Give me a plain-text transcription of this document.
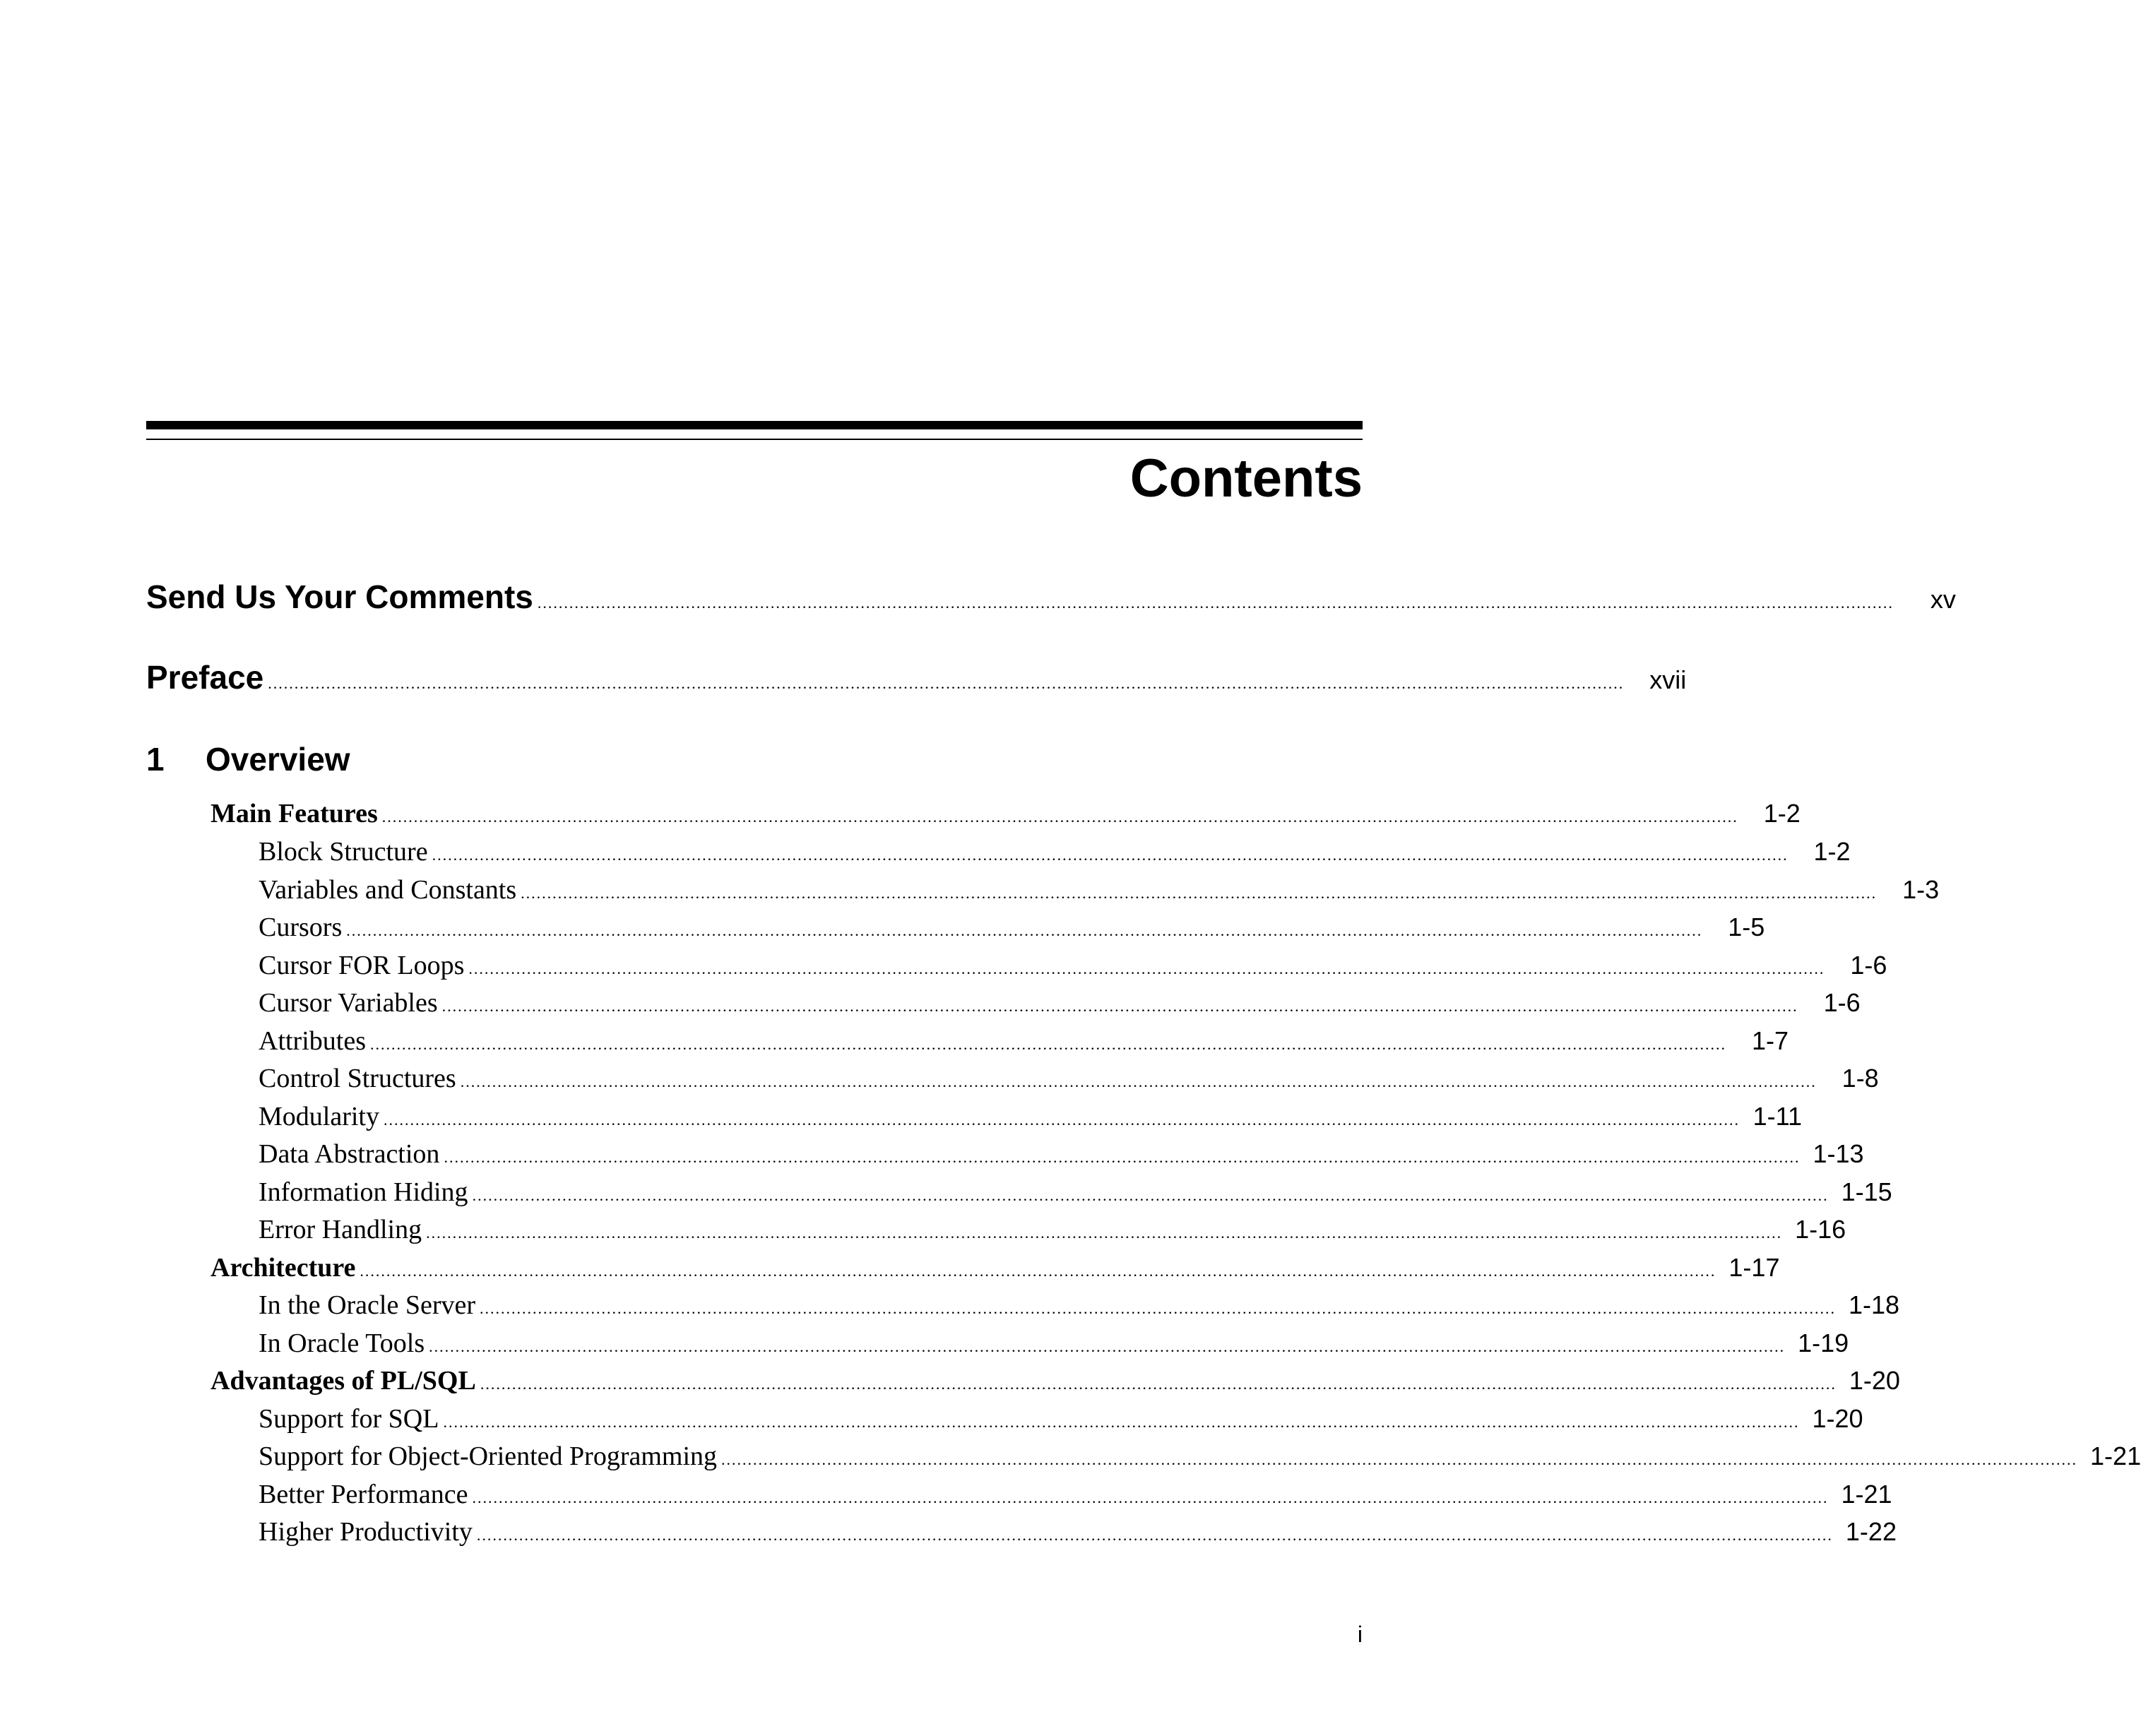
Contents
Send Us Your Comments ................................................................................................................................................................................................................................................................	xv
Preface ................................................................................................................................................................................................................................................................	xvii
1 Overview
Main Features ................................................................................................................................................................................................................................................................ 1-2
Block Structure ................................................................................................................................................................................................................................................................ 1-2
Variables and Constants ................................................................................................................................................................................................................................................................ 1-3
Cursors ................................................................................................................................................................................................................................................................ 1-5
Cursor FOR Loops ................................................................................................................................................................................................................................................................ 1-6
Cursor Variables ................................................................................................................................................................................................................................................................ 1-6
Attributes ................................................................................................................................................................................................................................................................ 1-7
Control Structures ................................................................................................................................................................................................................................................................ 1-8
Modularity ................................................................................................................................................................................................................................................................ 1-11
Data Abstraction ................................................................................................................................................................................................................................................................ 1-13
Information Hiding ................................................................................................................................................................................................................................................................ 1-15
Error Handling ................................................................................................................................................................................................................................................................ 1-16
Architecture ................................................................................................................................................................................................................................................................ 1-17
In the Oracle Server ................................................................................................................................................................................................................................................................ 1-18
In Oracle Tools ................................................................................................................................................................................................................................................................ 1-19
Advantages of PL/SQL ................................................................................................................................................................................................................................................................ 1-20
Support for SQL ................................................................................................................................................................................................................................................................ 1-20
Support for Object-Oriented Programming ................................................................................................................................................................................................................................................................ 1-21
Better Performance ................................................................................................................................................................................................................................................................ 1-21
Higher Productivity ................................................................................................................................................................................................................................................................ 1-22
i
